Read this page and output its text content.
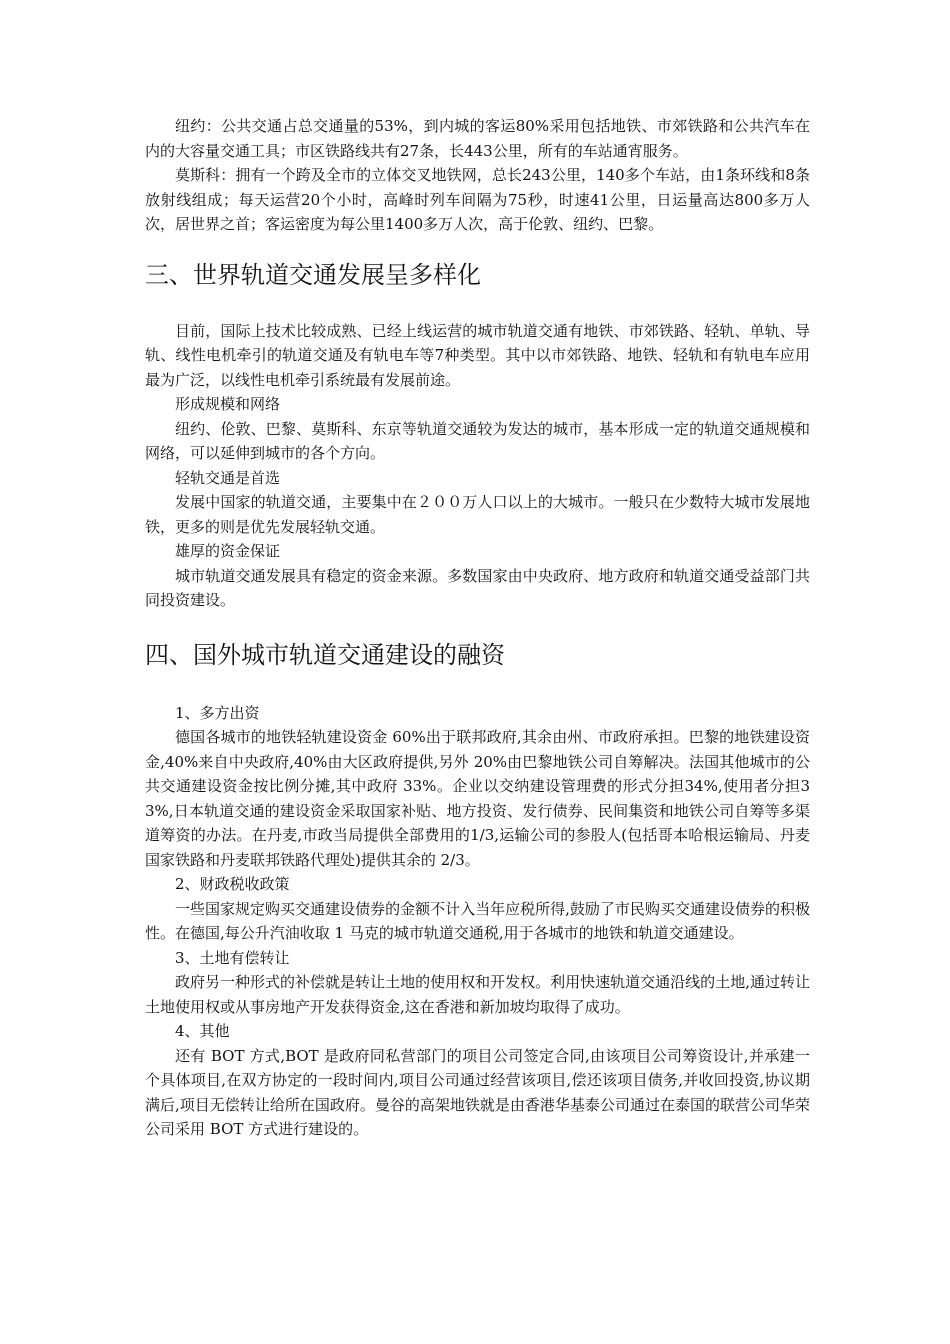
纽约：公共交通占总交通量的53%，到内城的客运80%采用包括地铁、市郊铁路和公共汽车在内的大容量交通工具；市区铁路线共有27条，长443公里，所有的车站通宵服务。

莫斯科：拥有一个跨及全市的立体交叉地铁网，总长243公里，140多个车站，由1条环线和8条放射线组成；每天运营20个小时，高峰时列车间隔为75秒，时速41公里，日运量高达800多万人次，居世界之首；客运密度为每公里1400多万人次，高于伦敦、纽约、巴黎。

三、世界轨道交通发展呈多样化

目前，国际上技术比较成熟、已经上线运营的城市轨道交通有地铁、市郊铁路、轻轨、单轨、导轨、线性电机牵引的轨道交通及有轨电车等7种类型。其中以市郊铁路、地铁、轻轨和有轨电车应用最为广泛，以线性电机牵引系统最有发展前途。

形成规模和网络

纽约、伦敦、巴黎、莫斯科、东京等轨道交通较为发达的城市，基本形成一定的轨道交通规模和网络，可以延伸到城市的各个方向。

轻轨交通是首选

发展中国家的轨道交通，主要集中在２００万人口以上的大城市。一般只在少数特大城市发展地铁，更多的则是优先发展轻轨交通。

雄厚的资金保证

城市轨道交通发展具有稳定的资金来源。多数国家由中央政府、地方政府和轨道交通受益部门共同投资建设。

四、国外城市轨道交通建设的融资

1、多方出资

德国各城市的地铁轻轨建设资金 60%出于联邦政府,其余由州、市政府承担。巴黎的地铁建设资金,40%来自中央政府,40%由大区政府提供,另外 20%由巴黎地铁公司自筹解决。法国其他城市的公共交通建设资金按比例分摊,其中政府 33%。企业以交纳建设管理费的形式分担34%,使用者分担33%,日本轨道交通的建设资金采取国家补贴、地方投资、发行债券、民间集资和地铁公司自筹等多渠道筹资的办法。在丹麦,市政当局提供全部费用的1/3,运输公司的参股人(包括哥本哈根运输局、丹麦国家铁路和丹麦联邦铁路代理处)提供其余的 2/3。

2、财政税收政策

一些国家规定购买交通建设债券的金额不计入当年应税所得,鼓励了市民购买交通建设债券的积极性。在德国,每公升汽油收取 1 马克的城市轨道交通税,用于各城市的地铁和轨道交通建设。

3、土地有偿转让

政府另一种形式的补偿就是转让土地的使用权和开发权。利用快速轨道交通沿线的土地,通过转让土地使用权或从事房地产开发获得资金,这在香港和新加坡均取得了成功。

4、其他

还有 BOT 方式,BOT 是政府同私营部门的项目公司签定合同,由该项目公司筹资设计,并承建一个具体项目,在双方协定的一段时间内,项目公司通过经营该项目,偿还该项目债务,并收回投资,协议期满后,项目无偿转让给所在国政府。曼谷的高架地铁就是由香港华基泰公司通过在泰国的联营公司华荣公司采用 BOT 方式进行建设的。
